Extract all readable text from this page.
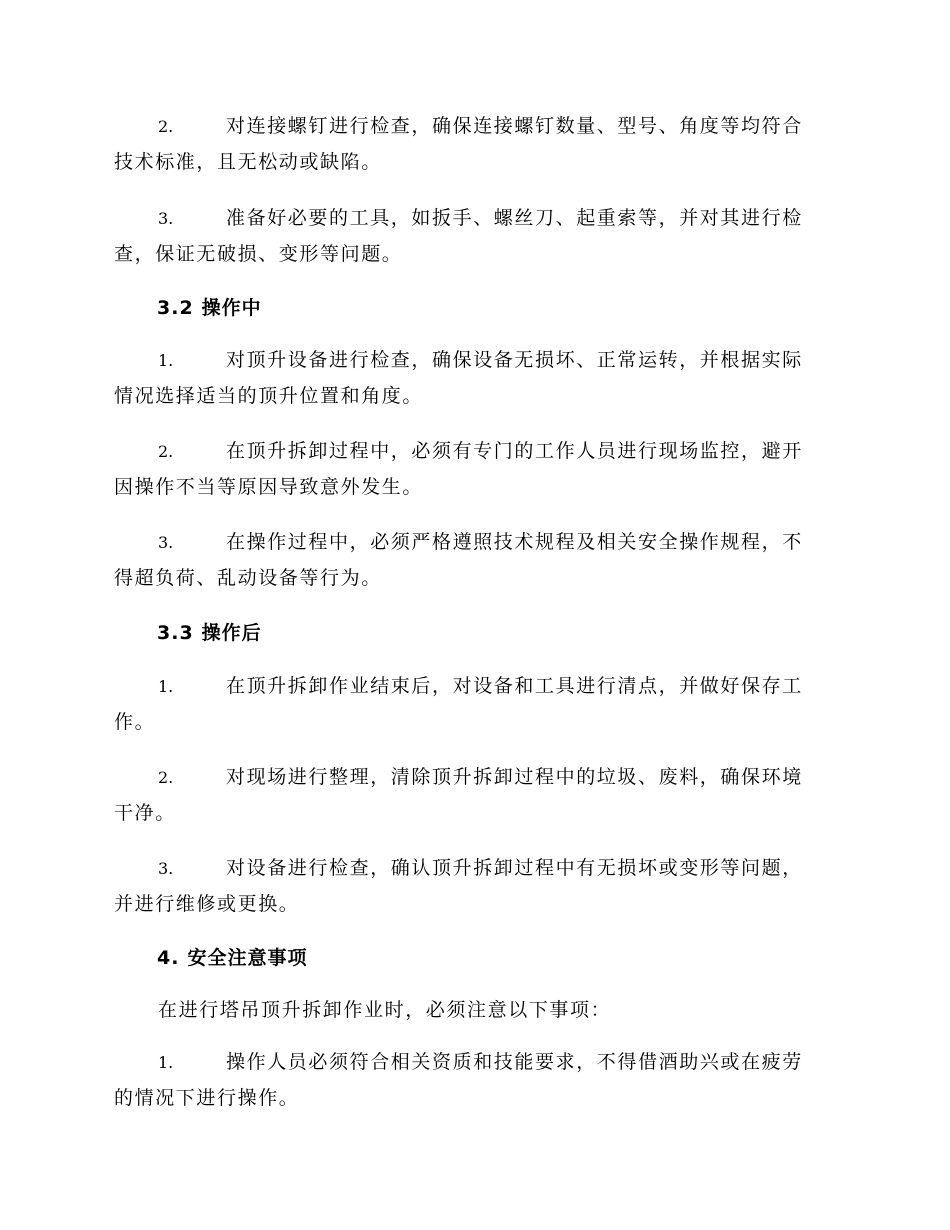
2.	对连接螺钉进行检查，确保连接螺钉数量、型号、角度等均符合
技术标准，且无松动或缺陷。
3.	准备好必要的工具，如扳手、螺丝刀、起重索等，并对其进行检
查，保证无破损、变形等问题。
3.2 操作中
1.	对顶升设备进行检查，确保设备无损坏、正常运转，并根据实际
情况选择适当的顶升位置和角度。
2.	在顶升拆卸过程中，必须有专门的工作人员进行现场监控，避开
因操作不当等原因导致意外发生。
3.	在操作过程中，必须严格遵照技术规程及相关安全操作规程，不
得超负荷、乱动设备等行为。
3.3 操作后
1.	在顶升拆卸作业结束后，对设备和工具进行清点，并做好保存工
作。
2.	对现场进行整理，清除顶升拆卸过程中的垃圾、废料，确保环境
干净。
3.	对设备进行检查，确认顶升拆卸过程中有无损坏或变形等问题，
并进行维修或更换。
4. 安全注意事项
在进行塔吊顶升拆卸作业时，必须注意以下事项：
1.	操作人员必须符合相关资质和技能要求，不得借酒助兴或在疲劳
的情况下进行操作。
